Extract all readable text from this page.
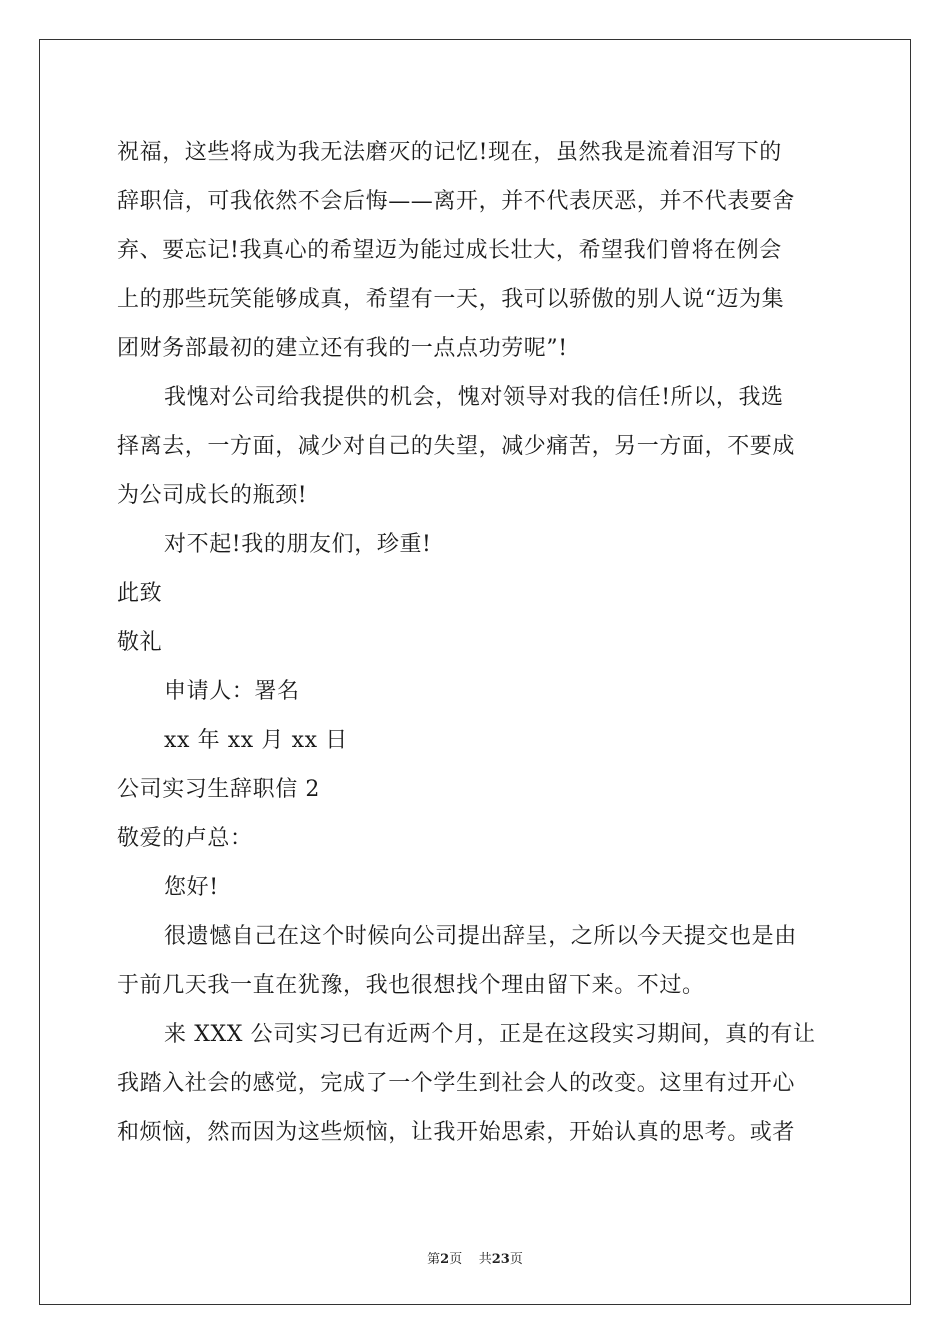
祝福，这些将成为我无法磨灭的记忆!现在，虽然我是流着泪写下的
辞职信，可我依然不会后悔——离开，并不代表厌恶，并不代表要舍
弃、要忘记!我真心的希望迈为能过成长壮大，希望我们曾将在例会
上的那些玩笑能够成真，希望有一天，我可以骄傲的别人说“迈为集
团财务部最初的建立还有我的一点点功劳呢”!
我愧对公司给我提供的机会，愧对领导对我的信任!所以，我选
择离去，一方面，减少对自己的失望，减少痛苦，另一方面，不要成
为公司成长的瓶颈!
对不起!我的朋友们，珍重!
此致
敬礼
申请人：署名
xx 年 xx 月 xx 日
公司实习生辞职信 2
敬爱的卢总：
您好!
很遗憾自己在这个时候向公司提出辞呈，之所以今天提交也是由
于前几天我一直在犹豫，我也很想找个理由留下来。不过。
来 XXX 公司实习已有近两个月，正是在这段实习期间，真的有让
我踏入社会的感觉，完成了一个学生到社会人的改变。这里有过开心
和烦恼，然而因为这些烦恼，让我开始思索，开始认真的思考。或者
第2页 共23页
